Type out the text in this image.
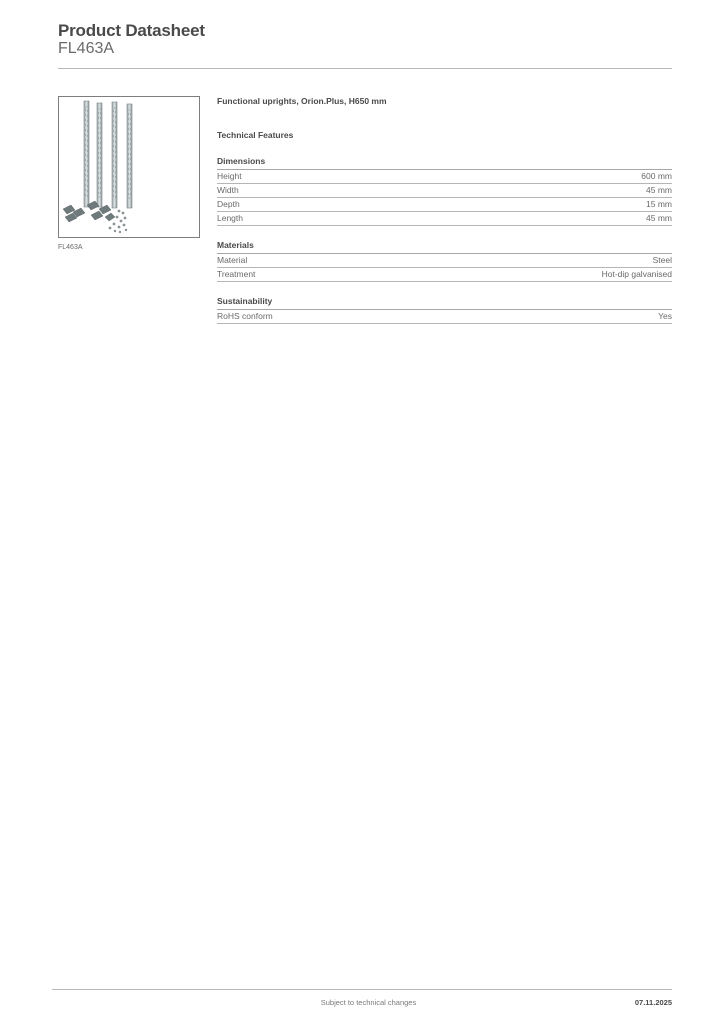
Product Datasheet
FL463A
FL463A
Functional uprights, Orion.Plus, H650 mm
Technical Features
Dimensions
Height	600 mm
Width	45 mm
Depth	15 mm
Length	45 mm
Materials
Material	Steel
Treatment	Hot-dip galvanised
Sustainability
RoHS conform	Yes
Subject to technical changes	07.11.2025
